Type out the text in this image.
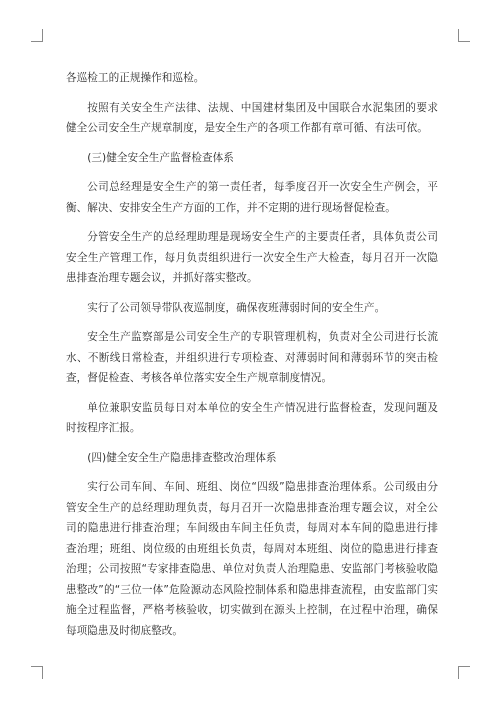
各巡检工的正规操作和巡检。

按照有关安全生产法律、法规、中国建材集团及中国联合水泥集团的要求健全公司安全生产规章制度，是安全生产的各项工作都有章可循、有法可依。

(三)健全安全生产监督检查体系

公司总经理是安全生产的第一责任者，每季度召开一次安全生产例会，平衡、解决、安排安全生产方面的工作，并不定期的进行现场督促检查。

分管安全生产的总经理助理是现场安全生产的主要责任者，具体负责公司安全生产管理工作，每月负责组织进行一次安全生产大检查，每月召开一次隐患排查治理专题会议，并抓好落实整改。

实行了公司领导带队夜巡制度，确保夜班薄弱时间的安全生产。

安全生产监察部是公司安全生产的专职管理机构，负责对全公司进行长流水、不断线日常检查，并组织进行专项检查、对薄弱时间和薄弱环节的突击检查，督促检查、考核各单位落实安全生产规章制度情况。

单位兼职安监员每日对本单位的安全生产情况进行监督检查，发现问题及时按程序汇报。

(四)健全安全生产隐患排查整改治理体系

实行公司车间、车间、班组、岗位“四级”隐患排查治理体系。公司级由分管安全生产的总经理助理负责，每月召开一次隐患排查治理专题会议，对全公司的隐患进行排查治理；车间级由车间主任负责，每周对本车间的隐患进行排查治理；班组、岗位级的由班组长负责，每周对本班组、岗位的隐患进行排查治理；公司按照“专家排查隐患、单位对负责人治理隐患、安监部门考核验收隐患整改”的“三位一体”危险源动态风险控制体系和隐患排查流程，由安监部门实施全过程监督，严格考核验收，切实做到在源头上控制，在过程中治理，确保每项隐患及时彻底整改。
